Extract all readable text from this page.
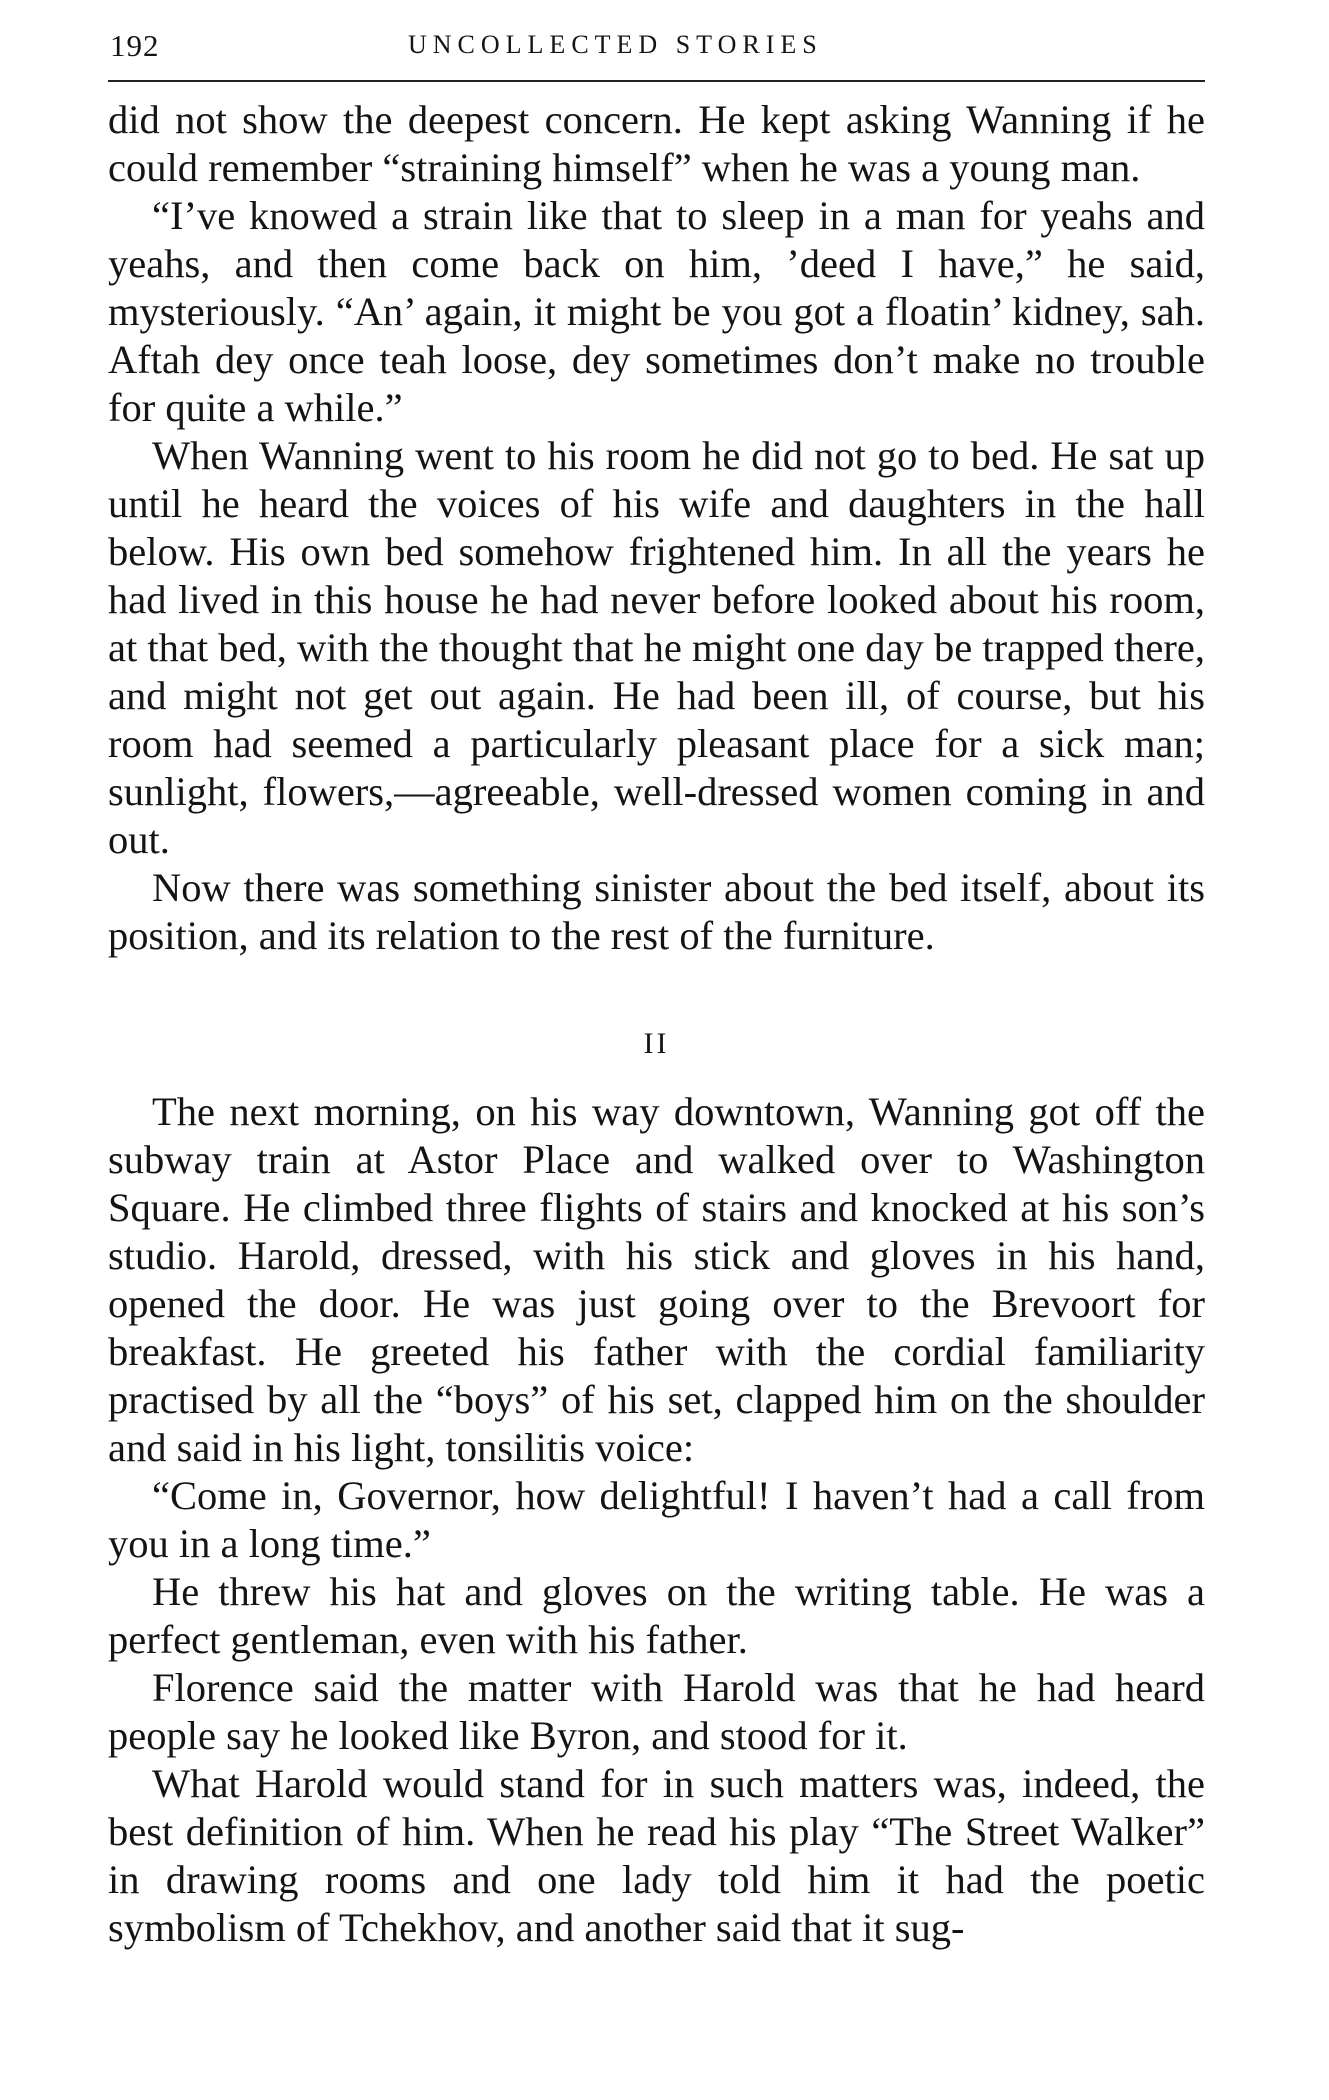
192	UNCOLLECTED STORIES

did not show the deepest concern. He kept asking Wanning if he could remember “straining himself” when he was a young man.

“I’ve knowed a strain like that to sleep in a man for yeahs and yeahs, and then come back on him, ’deed I have,” he said, mysteriously. “An’ again, it might be you got a floatin’ kidney, sah. Aftah dey once teah loose, dey sometimes don’t make no trouble for quite a while.”

When Wanning went to his room he did not go to bed. He sat up until he heard the voices of his wife and daughters in the hall below. His own bed somehow frightened him. In all the years he had lived in this house he had never before looked about his room, at that bed, with the thought that he might one day be trapped there, and might not get out again. He had been ill, of course, but his room had seemed a particularly pleasant place for a sick man; sunlight, flowers,—agreeable, well-dressed women coming in and out.

Now there was something sinister about the bed itself, about its position, and its relation to the rest of the furniture.

II

The next morning, on his way downtown, Wanning got off the subway train at Astor Place and walked over to Washington Square. He climbed three flights of stairs and knocked at his son’s studio. Harold, dressed, with his stick and gloves in his hand, opened the door. He was just going over to the Brevoort for breakfast. He greeted his father with the cordial familiarity practised by all the “boys” of his set, clapped him on the shoulder and said in his light, tonsilitis voice:

“Come in, Governor, how delightful! I haven’t had a call from you in a long time.”

He threw his hat and gloves on the writing table. He was a perfect gentleman, even with his father.

Florence said the matter with Harold was that he had heard people say he looked like Byron, and stood for it.

What Harold would stand for in such matters was, indeed, the best definition of him. When he read his play “The Street Walker” in drawing rooms and one lady told him it had the poetic symbolism of Tchekhov, and another said that it sug-
